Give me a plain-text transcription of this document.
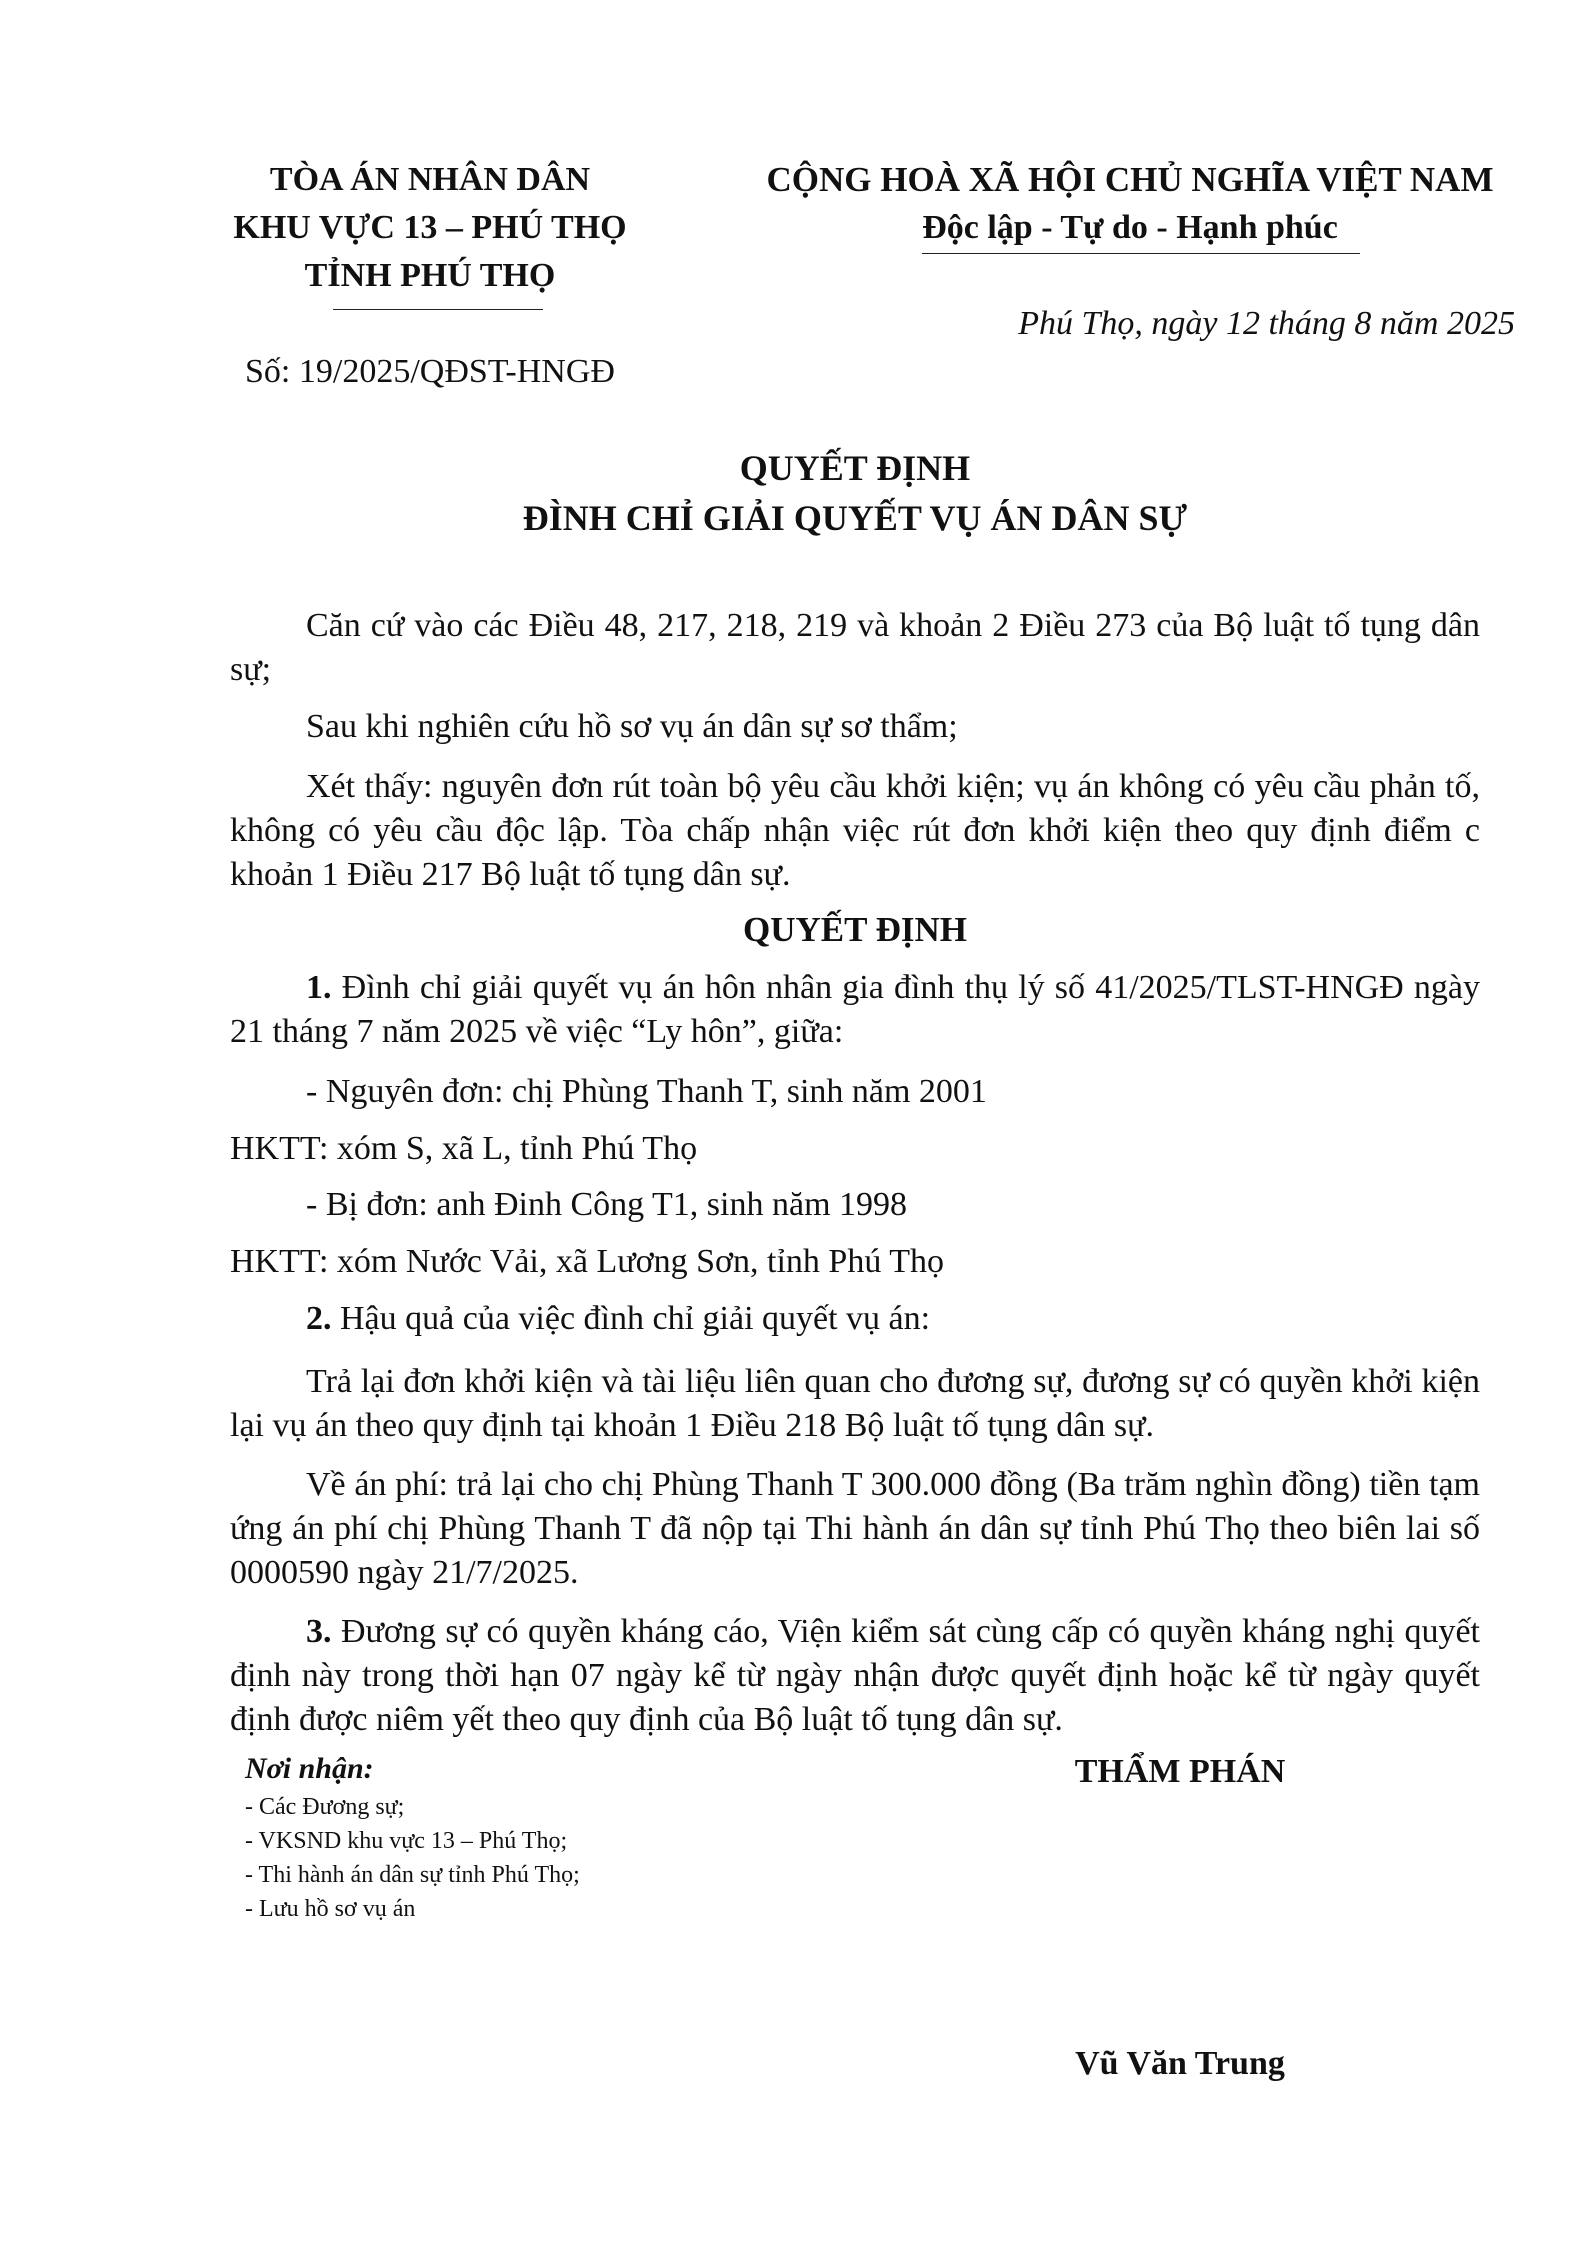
TÒA ÁN NHÂN DÂN
KHU VỰC 13 – PHÚ THỌ
TỈNH PHÚ THỌ
Số: 19/2025/QĐST-HNGĐ
CỘNG HOÀ XÃ HỘI CHỦ NGHĨA VIỆT NAM
Độc lập - Tự do - Hạnh phúc
Phú Thọ, ngày 12 tháng 8 năm 2025
QUYẾT ĐỊNH
ĐÌNH CHỈ GIẢI QUYẾT VỤ ÁN DÂN SỰ
Căn cứ vào các Điều 48, 217, 218, 219 và khoản 2 Điều 273 của Bộ luật tố tụng dân sự;
Sau khi nghiên cứu hồ sơ vụ án dân sự sơ thẩm;
Xét thấy: nguyên đơn rút toàn bộ yêu cầu khởi kiện; vụ án không có yêu cầu phản tố, không có yêu cầu độc lập. Tòa chấp nhận việc rút đơn khởi kiện theo quy định điểm c khoản 1 Điều 217 Bộ luật tố tụng dân sự.
QUYẾT ĐỊNH
1. Đình chỉ giải quyết vụ án hôn nhân gia đình thụ lý số 41/2025/TLST-HNGĐ ngày 21 tháng 7 năm 2025 về việc “Ly hôn”, giữa:
- Nguyên đơn: chị Phùng Thanh T, sinh năm 2001
HKTT: xóm S, xã L, tỉnh Phú Thọ
- Bị đơn: anh Đinh Công T1, sinh năm 1998
HKTT: xóm Nước Vải, xã Lương Sơn, tỉnh Phú Thọ
2. Hậu quả của việc đình chỉ giải quyết vụ án:
Trả lại đơn khởi kiện và tài liệu liên quan cho đương sự, đương sự có quyền khởi kiện lại vụ án theo quy định tại khoản 1 Điều 218 Bộ luật tố tụng dân sự.
Về án phí: trả lại cho chị Phùng Thanh T 300.000 đồng (Ba trăm nghìn đồng) tiền tạm ứng án phí chị Phùng Thanh T đã nộp tại Thi hành án dân sự tỉnh Phú Thọ theo biên lai số 0000590 ngày 21/7/2025.
3. Đương sự có quyền kháng cáo, Viện kiểm sát cùng cấp có quyền kháng nghị quyết định này trong thời hạn 07 ngày kể từ ngày nhận được quyết định hoặc kể từ ngày quyết định được niêm yết theo quy định của Bộ luật tố tụng dân sự.
Nơi nhận:
- Các Đương sự;
- VKSND khu vực 13 – Phú Thọ;
- Thi hành án dân sự tỉnh Phú Thọ;
- Lưu hồ sơ vụ án
THẨM PHÁN
Vũ Văn Trung
